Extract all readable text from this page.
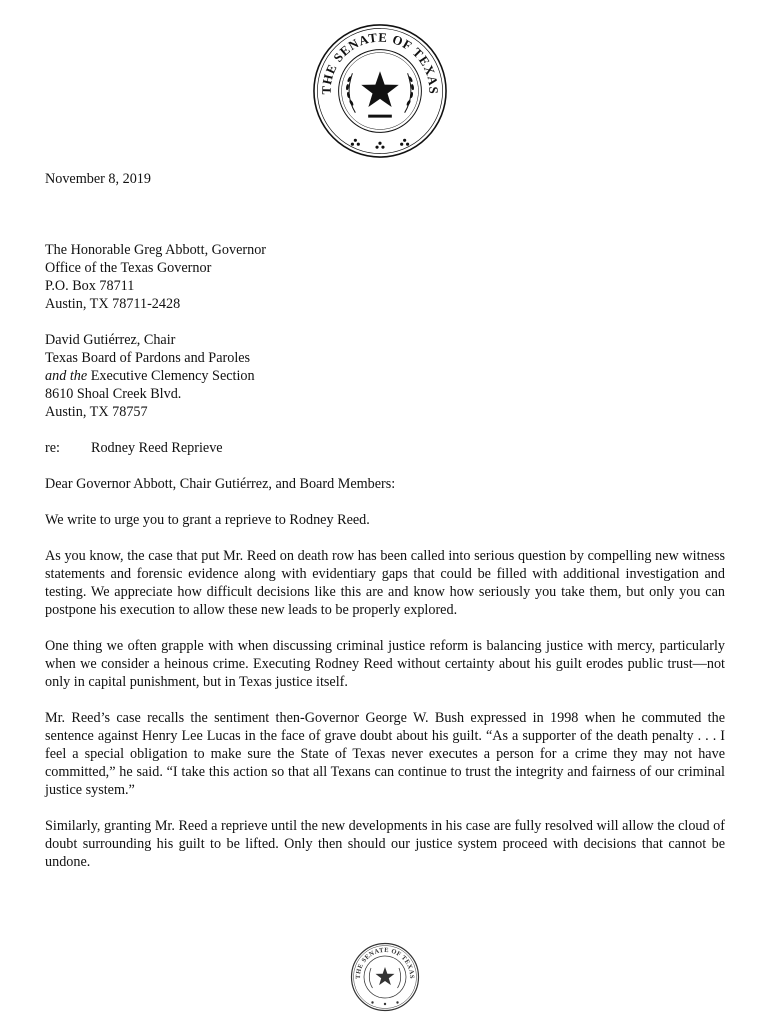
THE SENATE OF TEXAS
November 8, 2019
The Honorable Greg Abbott, Governor
Office of the Texas Governor
P.O. Box 78711
Austin, TX 78711-2428
David Gutiérrez, Chair
Texas Board of Pardons and Paroles
and the Executive Clemency Section
8610 Shoal Creek Blvd.
Austin, TX 78757
re: Rodney Reed Reprieve
Dear Governor Abbott, Chair Gutiérrez, and Board Members:

We write to urge you to grant a reprieve to Rodney Reed.

As you know, the case that put Mr. Reed on death row has been called into serious question by compelling new witness statements and forensic evidence along with evidentiary gaps that could be filled with additional investigation and testing. We appreciate how difficult decisions like this are and know how seriously you take them, but only you can postpone his execution to allow these new leads to be properly explored.

One thing we often grapple with when discussing criminal justice reform is balancing justice with mercy, particularly when we consider a heinous crime. Executing Rodney Reed without certainty about his guilt erodes public trust—not only in capital punishment, but in Texas justice itself.

Mr. Reed’s case recalls the sentiment then-Governor George W. Bush expressed in 1998 when he commuted the sentence against Henry Lee Lucas in the face of grave doubt about his guilt. “As a supporter of the death penalty . . . I feel a special obligation to make sure the State of Texas never executes a person for a crime they may not have committed,” he said. “I take this action so that all Texans can continue to trust the integrity and fairness of our criminal justice system.”

Similarly, granting Mr. Reed a reprieve until the new developments in his case are fully resolved will allow the cloud of doubt surrounding his guilt to be lifted. Only then should our justice system proceed with decisions that cannot be undone.

THE SENATE OF TEXAS
